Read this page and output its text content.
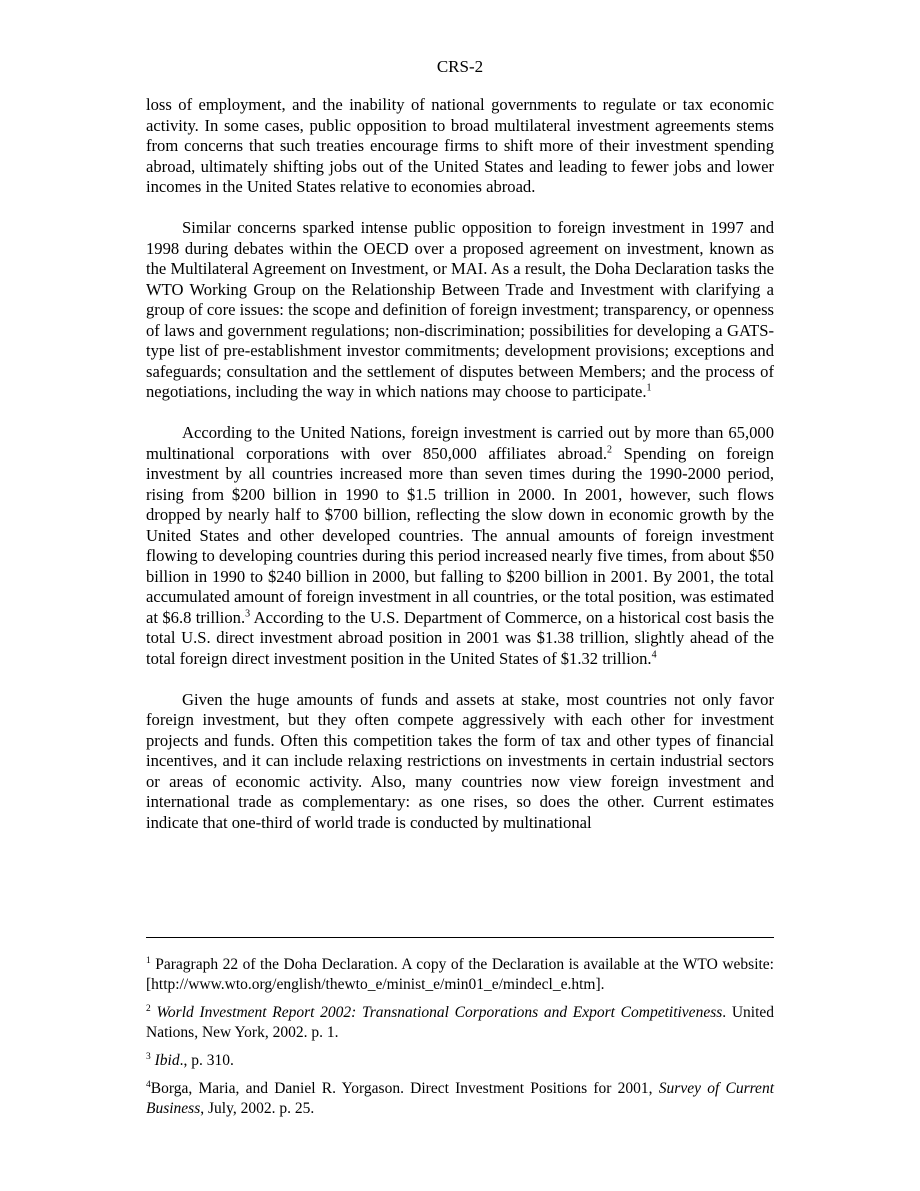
CRS-2

loss of employment, and the inability of national governments to regulate or tax economic activity. In some cases, public opposition to broad multilateral investment agreements stems from concerns that such treaties encourage firms to shift more of their investment spending abroad, ultimately shifting jobs out of the United States and leading to fewer jobs and lower incomes in the United States relative to economies abroad.

Similar concerns sparked intense public opposition to foreign investment in 1997 and 1998 during debates within the OECD over a proposed agreement on investment, known as the Multilateral Agreement on Investment, or MAI. As a result, the Doha Declaration tasks the WTO Working Group on the Relationship Between Trade and Investment with clarifying a group of core issues: the scope and definition of foreign investment; transparency, or openness of laws and government regulations; non-discrimination; possibilities for developing a GATS-type list of pre-establishment investor commitments; development provisions; exceptions and safeguards; consultation and the settlement of disputes between Members; and the process of negotiations, including the way in which nations may choose to participate.$^1$

According to the United Nations, foreign investment is carried out by more than 65,000 multinational corporations with over 850,000 affiliates abroad.$^2$ Spending on foreign investment by all countries increased more than seven times during the 1990-2000 period, rising from $200 billion in 1990 to $1.5 trillion in 2000. In 2001, however, such flows dropped by nearly half to $700 billion, reflecting the slow down in economic growth by the United States and other developed countries. The annual amounts of foreign investment flowing to developing countries during this period increased nearly five times, from about $50 billion in 1990 to $240 billion in 2000, but falling to $200 billion in 2001. By 2001, the total accumulated amount of foreign investment in all countries, or the total position, was estimated at $6.8 trillion.$^3$ According to the U.S. Department of Commerce, on a historical cost basis the total U.S. direct investment abroad position in 2001 was $1.38 trillion, slightly ahead of the total foreign direct investment position in the United States of $1.32 trillion.$^4$

Given the huge amounts of funds and assets at stake, most countries not only favor foreign investment, but they often compete aggressively with each other for investment projects and funds. Often this competition takes the form of tax and other types of financial incentives, and it can include relaxing restrictions on investments in certain industrial sectors or areas of economic activity. Also, many countries now view foreign investment and international trade as complementary: as one rises, so does the other. Current estimates indicate that one-third of world trade is conducted by multinational

$^1$ Paragraph 22 of the Doha Declaration. A copy of the Declaration is available at the WTO website: [http://www.wto.org/english/thewto_e/minist_e/min01_e/mindecl_e.htm].

$^2$ World Investment Report 2002: Transnational Corporations and Export Competitiveness. United Nations, New York, 2002. p. 1.

$^3$ Ibid., p. 310.

$^4$Borga, Maria, and Daniel R. Yorgason. Direct Investment Positions for 2001, Survey of Current Business, July, 2002. p. 25.
